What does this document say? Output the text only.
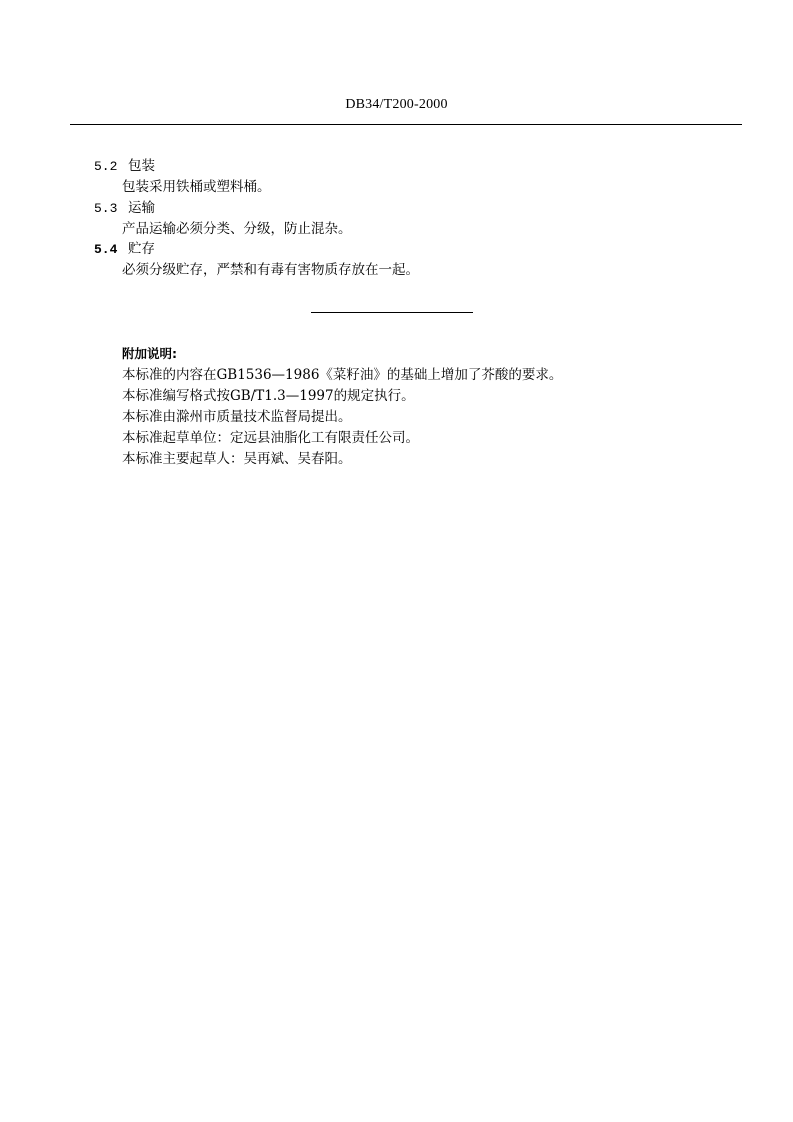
DB34/T200-2000
5.2 包装
包装采用铁桶或塑料桶。
5.3 运输
产品运输必须分类、分级，防止混杂。
5.4 贮存
必须分级贮存，严禁和有毒有害物质存放在一起。
附加说明:
本标准的内容在GB1536—1986《菜籽油》的基础上增加了芥酸的要求。
本标准编写格式按GB/T1.3—1997的规定执行。
本标准由滁州市质量技术监督局提出。
本标准起草单位：定远县油脂化工有限责任公司。
本标准主要起草人：吴再斌、吴春阳。
